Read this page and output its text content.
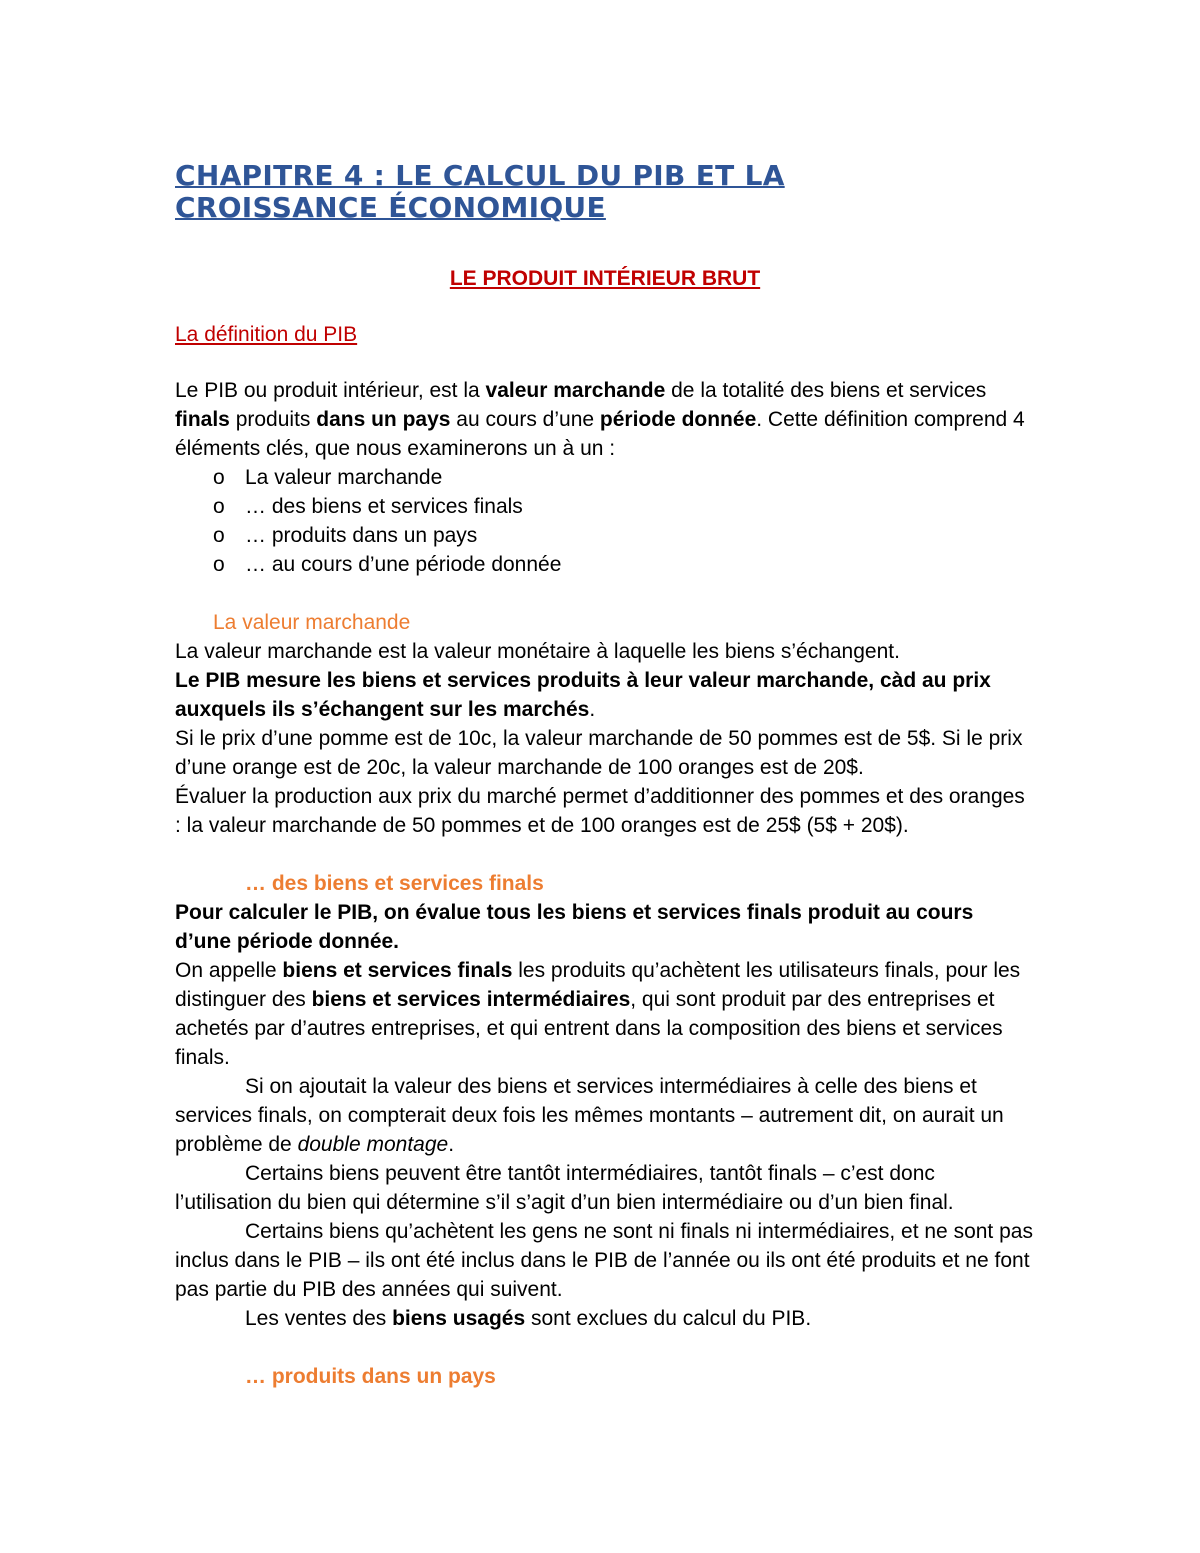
CHAPITRE 4 : LE CALCUL DU PIB ET LA
CROISSANCE ÉCONOMIQUE
LE PRODUIT INTÉRIEUR BRUT
La définition du PIB

Le PIB ou produit intérieur, est la valeur marchande de la totalité des biens et services finals produits dans un pays au cours d’une période donnée. Cette définition comprend 4 éléments clés, que nous examinerons un à un :

o La valeur marchande
o … des biens et services finals
o … produits dans un pays
o … au cours d’une période donnée
La valeur marchande

La valeur marchande est la valeur monétaire à laquelle les biens s’échangent.

Le PIB mesure les biens et services produits à leur valeur marchande, càd au prix auxquels ils s’échangent sur les marchés.

Si le prix d’une pomme est de 10c, la valeur marchande de 50 pommes est de 5$. Si le prix d’une orange est de 20c, la valeur marchande de 100 oranges est de 20$.

Évaluer la production aux prix du marché permet d’additionner des pommes et des oranges : la valeur marchande de 50 pommes et de 100 oranges est de 25$ (5$ + 20$).

… des biens et services finals

Pour calculer le PIB, on évalue tous les biens et services finals produit au cours d’une période donnée.

On appelle biens et services finals les produits qu’achètent les utilisateurs finals, pour les distinguer des biens et services intermédiaires, qui sont produit par des entreprises et achetés par d’autres entreprises, et qui entrent dans la composition des biens et services finals.

Si on ajoutait la valeur des biens et services intermédiaires à celle des biens et services finals, on compterait deux fois les mêmes montants – autrement dit, on aurait un problème de double montage.

Certains biens peuvent être tantôt intermédiaires, tantôt finals – c’est donc l’utilisation du bien qui détermine s’il s’agit d’un bien intermédiaire ou d’un bien final.

Certains biens qu’achètent les gens ne sont ni finals ni intermédiaires, et ne sont pas inclus dans le PIB – ils ont été inclus dans le PIB de l’année ou ils ont été produits et ne font pas partie du PIB des années qui suivent.

Les ventes des biens usagés sont exclues du calcul du PIB.

… produits dans un pays
